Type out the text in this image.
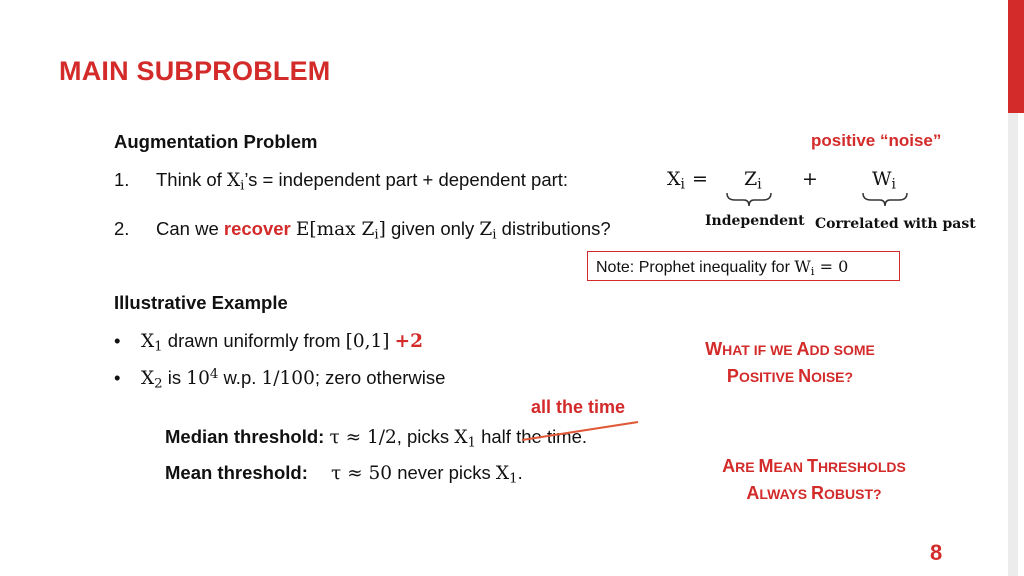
MAIN SUBPROBLEM
Augmentation Problem	positive “noise”
1. Think of $X_i’s$ = independent part + dependent part:	$X_i = Z_i$ +	$W_i$
Independent Correlated with past
2. Can we recover E[max $Z_i$] given only $Z_i$ distributions?
Note: Prophet inequality for $W_i = 0$
Illustrative Example
• $X_1$ drawn uniformly from [0,1] +2
• $X_2$ is $10^4$ w.p. 1/100; zero otherwise
all the time
Median threshold: τ ≈ 1/2, picks $X_1$ half the time.
Mean threshold: τ ≈ 50 never picks $X_1$.
WHAT IF WE ADD SOME
POSITIVE NOISE?
ARE MEAN THRESHOLDS
ALWAYS ROBUST?
8
